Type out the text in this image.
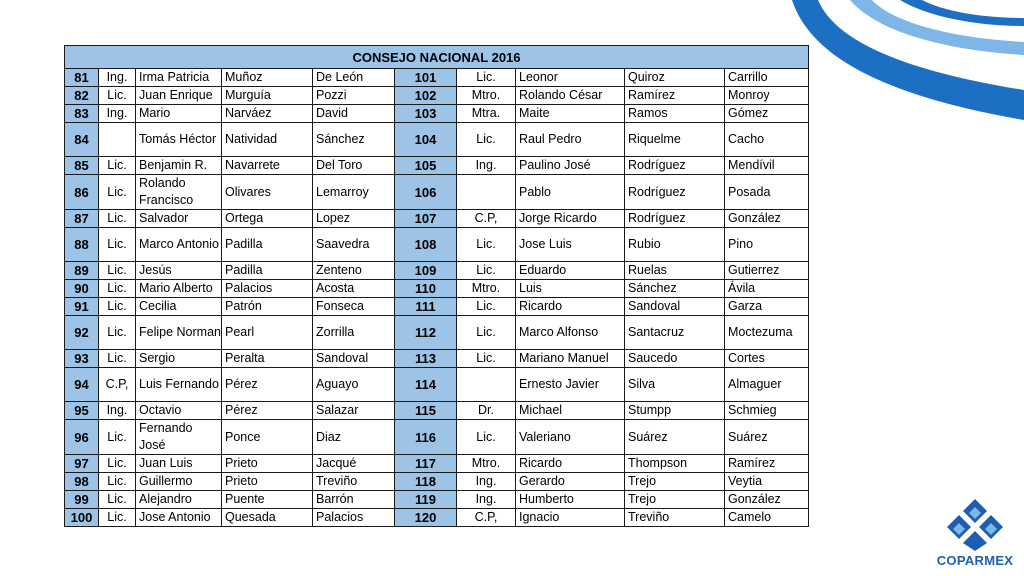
CONSEJO NACIONAL 2016									
81	Ing.	Irma Patricia	Muñoz	De León	101	Lic.	Leonor	Quiroz	Carrillo
82	Lic.	Juan Enrique	Murguía	Pozzi	102	Mtro.	Rolando César	Ramírez	Monroy
83	Ing.	Mario	Narváez	David	103	Mtra.	Maite	Ramos	Gómez
84		Tomás Héctor	Natividad	Sánchez	104	Lic.	Raul Pedro	Riquelme	Cacho
85	Lic.	Benjamin R.	Navarrete	Del Toro	105	Ing.	Paulino José	Rodríguez	Mendívil
86	Lic.	Rolando Francisco	Olivares	Lemarroy	106		Pablo	Rodríguez	Posada
87	Lic.	Salvador	Ortega	Lopez	107	C.P,	Jorge Ricardo	Rodríguez	González
88	Lic.	Marco Antonio	Padilla	Saavedra	108	Lic.	Jose Luis	Rubio	Pino
89	Lic.	Jesús	Padilla	Zenteno	109	Lic.	Eduardo	Ruelas	Gutierrez
90	Lic.	Mario Alberto	Palacios	Acosta	110	Mtro.	Luis	Sánchez	Ávila
91	Lic.	Cecilia	Patrón	Fonseca	111	Lic.	Ricardo	Sandoval	Garza
92	Lic.	Felipe Norman	Pearl	Zorrilla	112	Lic.	Marco Alfonso	Santacruz	Moctezuma
93	Lic.	Sergio	Peralta	Sandoval	113	Lic.	Mariano Manuel	Saucedo	Cortes
94	C.P,	Luis Fernando	Pérez	Aguayo	114		Ernesto Javier	Silva	Almaguer
95	Ing.	Octavio	Pérez	Salazar	115	Dr.	Michael	Stumpp	Schmieg
96	Lic.	Fernando José	Ponce	Diaz	116	Lic.	Valeriano	Suárez	Suárez
97	Lic.	Juan Luis	Prieto	Jacqué	117	Mtro.	Ricardo	Thompson	Ramírez
98	Lic.	Guillermo	Prieto	Treviño	118	Ing.	Gerardo	Trejo	Veytia
99	Lic.	Alejandro	Puente	Barrón	119	Ing.	Humberto	Trejo	González
100	Lic.	Jose Antonio	Quesada	Palacios	120	C.P,	Ignacio	Treviño	Camelo
COPARMEX
